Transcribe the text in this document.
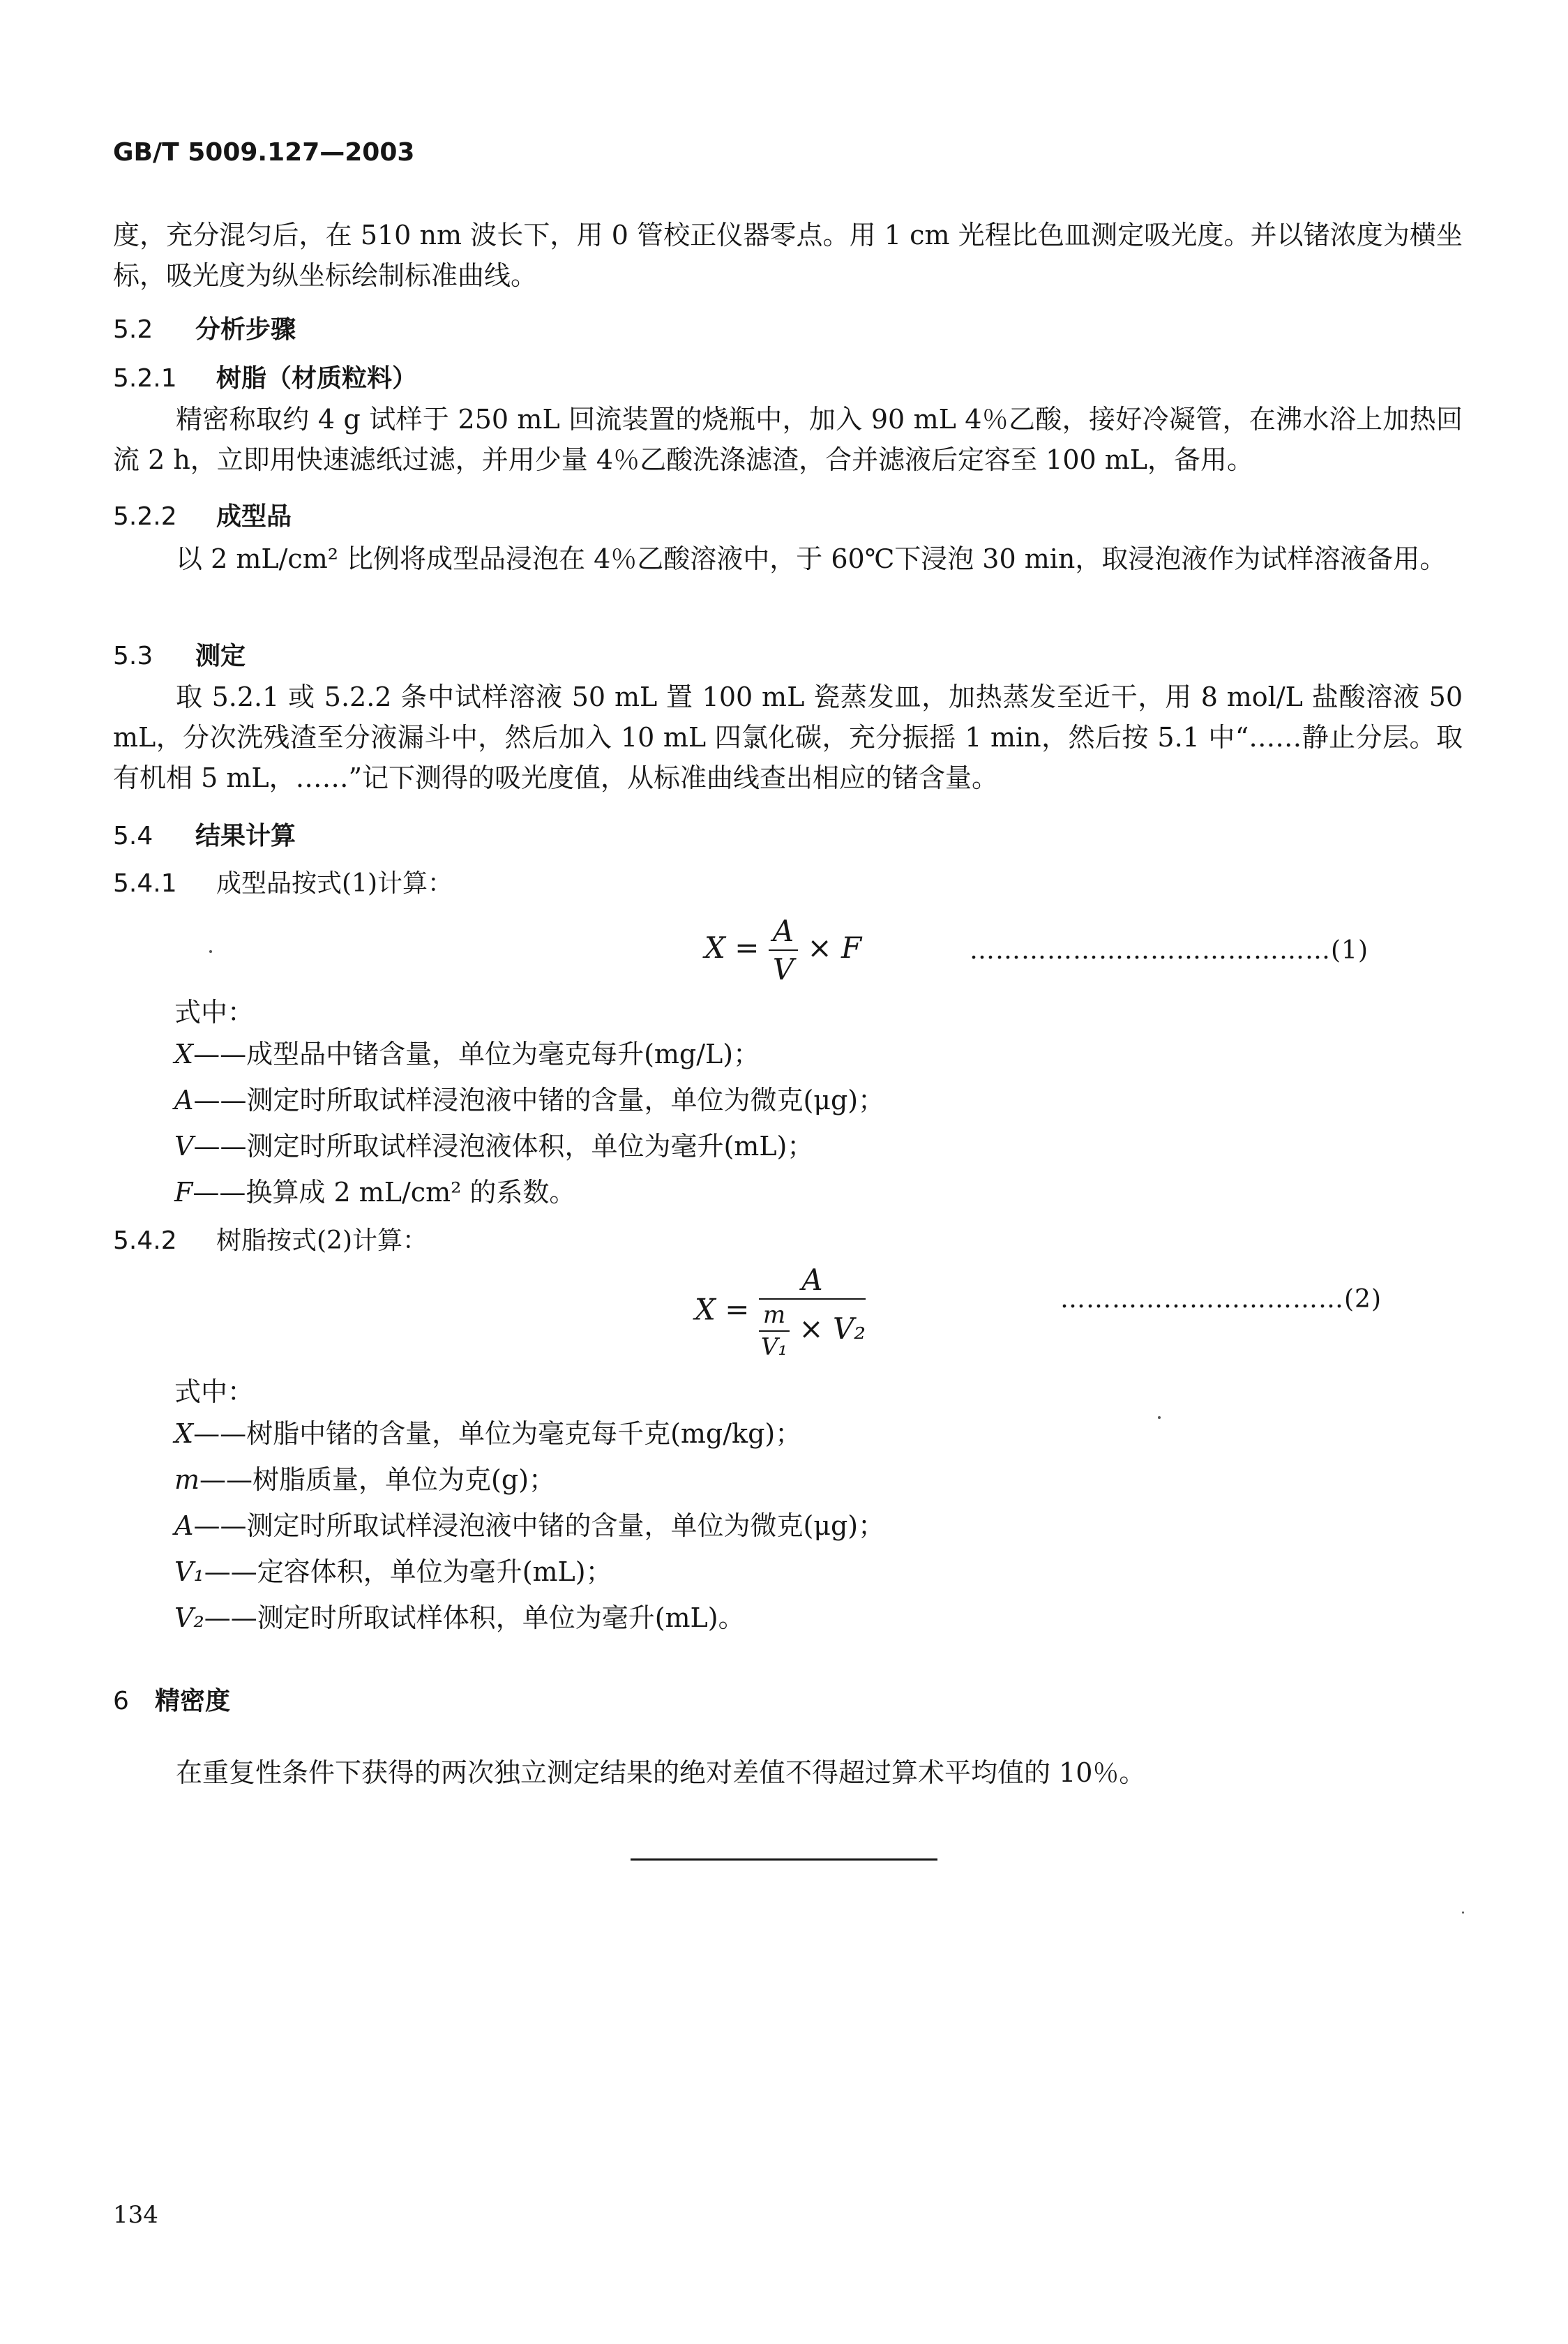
GB/T 5009.127—2003
度，充分混匀后，在 510 nm 波长下，用 0 管校正仪器零点。用 1 cm 光程比色皿测定吸光度。并以锗浓度为横坐标，吸光度为纵坐标绘制标准曲线。
5.2 分析步骤
5.2.1 树脂（材质粒料）
精密称取约 4 g 试样于 250 mL 回流装置的烧瓶中，加入 90 mL 4％乙酸，接好冷凝管，在沸水浴上加热回流 2 h，立即用快速滤纸过滤，并用少量 4％乙酸洗涤滤渣，合并滤液后定容至 100 mL，备用。
5.2.2 成型品
以 2 mL/cm² 比例将成型品浸泡在 4％乙酸溶液中，于 60℃下浸泡 30 min，取浸泡液作为试样溶液备用。
5.3 测定
取 5.2.1 或 5.2.2 条中试样溶液 50 mL 置 100 mL 瓷蒸发皿，加热蒸发至近干，用 8 mol/L 盐酸溶液 50 mL，分次洗残渣至分液漏斗中，然后加入 10 mL 四氯化碳，充分振摇 1 min，然后按 5.1 中“……静止分层。取有机相 5 mL，……”记下测得的吸光度值，从标准曲线查出相应的锗含量。
5.4 结果计算
5.4.1 成型品按式(1)计算：
$X = \frac{A}{V} \times F$	……………………………………(1)
式中：
X——成型品中锗含量，单位为毫克每升(mg/L)；
A——测定时所取试样浸泡液中锗的含量，单位为微克(μg)；
V——测定时所取试样浸泡液体积，单位为毫升(mL)；
F——换算成 2 mL/cm² 的系数。
5.4.2 树脂按式(2)计算：
$X = \frac{A}{\frac{m}{\text{V₁}} \times V_2}$	……………………………(2)
式中：
X——树脂中锗的含量，单位为毫克每千克(mg/kg)；
m——树脂质量，单位为克(g)；
A——测定时所取试样浸泡液中锗的含量，单位为微克(μg)；
V₁——定容体积，单位为毫升(mL)；
V₂——测定时所取试样体积，单位为毫升(mL)。
6 精密度
在重复性条件下获得的两次独立测定结果的绝对差值不得超过算术平均值的 10％。
134
